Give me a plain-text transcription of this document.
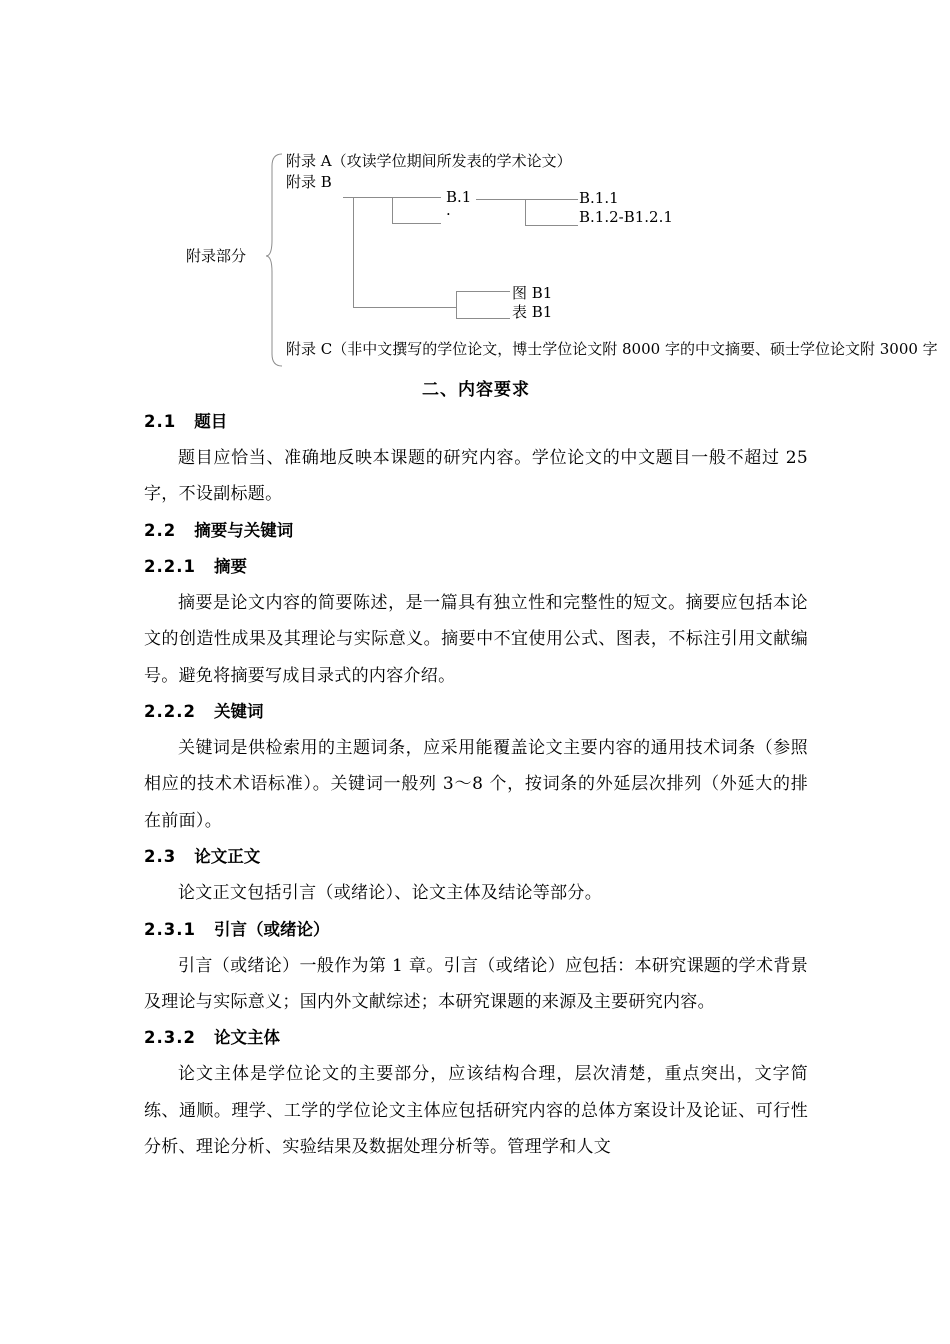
附录部分
附录 A（攻读学位期间所发表的学术论文）
附录 B
B.1
·
B.1.1
B.1.2-B1.2.1
图 B1
表 B1
附录 C（非中文撰写的学位论文，博士学位论文附 8000 字的中文摘要、硕士学位论文附 3000 字
二、内容要求
2.1 题目

题目应恰当、准确地反映本课题的研究内容。学位论文的中文题目一般不超过 25 字，不设副标题。

2.2 摘要与关键词
2.2.1 摘要

摘要是论文内容的简要陈述，是一篇具有独立性和完整性的短文。摘要应包括本论文的创造性成果及其理论与实际意义。摘要中不宜使用公式、图表，不标注引用文献编号。避免将摘要写成目录式的内容介绍。

2.2.2 关键词

关键词是供检索用的主题词条，应采用能覆盖论文主要内容的通用技术词条（参照相应的技术术语标准）。关键词一般列 3～8 个，按词条的外延层次排列（外延大的排在前面）。

2.3 论文正文

论文正文包括引言（或绪论）、论文主体及结论等部分。

2.3.1 引言（或绪论）

引言（或绪论）一般作为第 1 章。引言（或绪论）应包括：本研究课题的学术背景及理论与实际意义；国内外文献综述；本研究课题的来源及主要研究内容。

2.3.2 论文主体

论文主体是学位论文的主要部分，应该结构合理，层次清楚，重点突出，文字简练、通顺。理学、工学的学位论文主体应包括研究内容的总体方案设计及论证、可行性分析、理论分析、实验结果及数据处理分析等。管理学和人文
